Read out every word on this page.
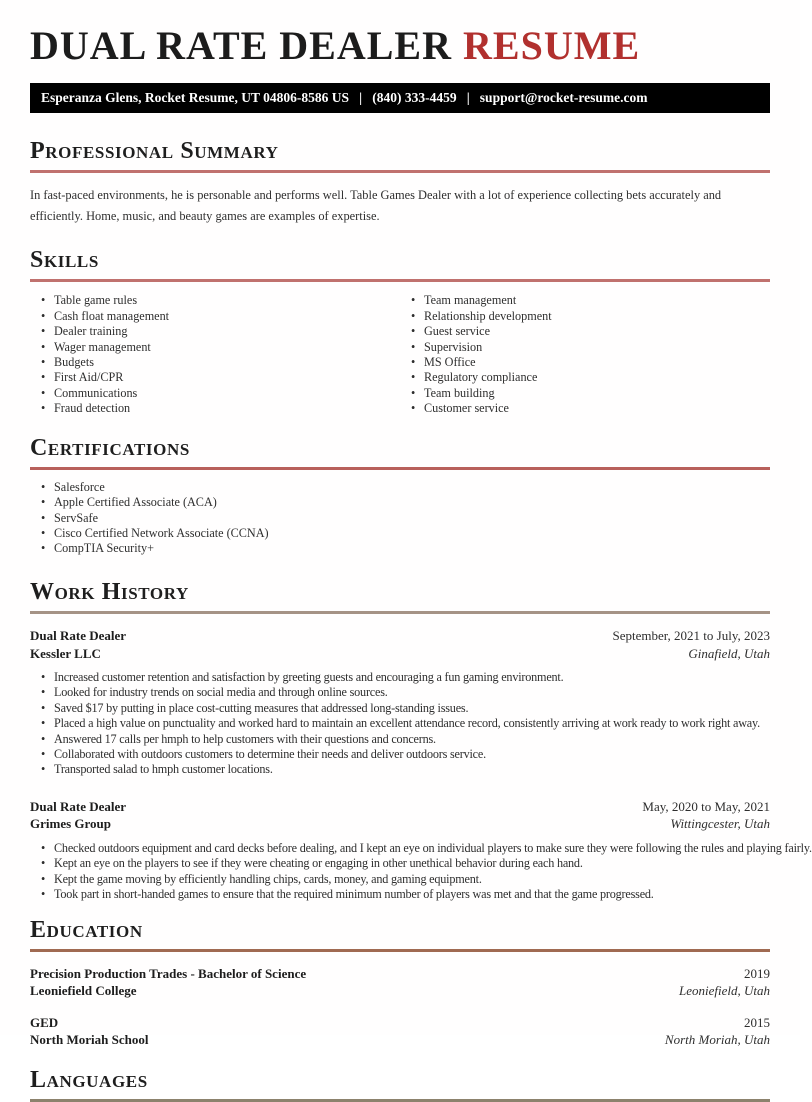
DUAL RATE DEALER RESUME
Esperanza Glens, Rocket Resume, UT 04806-8586 US   |   (840) 333-4459   |   support@rocket-resume.com
Professional Summary

In fast-paced environments, he is personable and performs well. Table Games Dealer with a lot of experience collecting bets accurately and efficiently. Home, music, and beauty games are examples of expertise.

Skills
• Table game rules
• Cash float management
• Dealer training
• Wager management
• Budgets
• First Aid/CPR
• Communications
• Fraud detection
• Team management
• Relationship development
• Guest service
• Supervision
• MS Office
• Regulatory compliance
• Team building
• Customer service
Certifications
• Salesforce
• Apple Certified Associate (ACA)
• ServSafe
• Cisco Certified Network Associate (CCNA)
• CompTIA Security+
Work History
Dual Rate Dealer	September, 2021 to July, 2023
Kessler LLC	Ginafield, Utah
• Increased customer retention and satisfaction by greeting guests and encouraging a fun gaming environment.
• Looked for industry trends on social media and through online sources.
• Saved $17 by putting in place cost-cutting measures that addressed long-standing issues.
• Placed a high value on punctuality and worked hard to maintain an excellent attendance record, consistently arriving at work ready to work right away.
• Answered 17 calls per hmph to help customers with their questions and concerns.
• Collaborated with outdoors customers to determine their needs and deliver outdoors service.
• Transported salad to hmph customer locations.
Dual Rate Dealer	May, 2020 to May, 2021
Grimes Group	Wittingcester, Utah
• Checked outdoors equipment and card decks before dealing, and I kept an eye on individual players to make sure they were following the rules and playing fairly.
• Kept an eye on the players to see if they were cheating or engaging in other unethical behavior during each hand.
• Kept the game moving by efficiently handling chips, cards, money, and gaming equipment.
• Took part in short-handed games to ensure that the required minimum number of players was met and that the game progressed.
Education
Precision Production Trades - Bachelor of Science	2019
Leoniefield College	Leoniefield, Utah
GED	2015
North Moriah School	North Moriah, Utah
Languages
